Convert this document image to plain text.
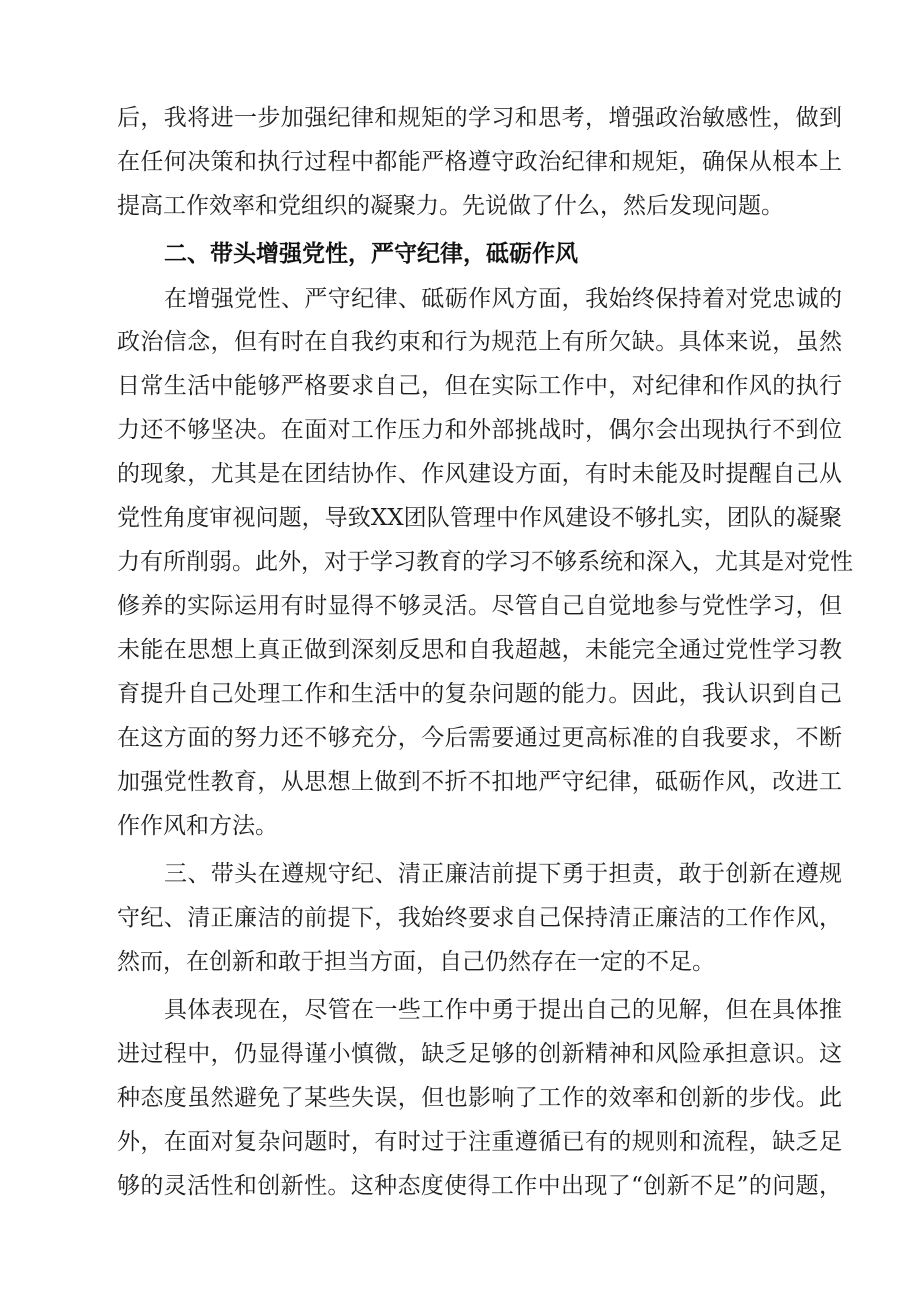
后，我将进一步加强纪律和规矩的学习和思考，增强政治敏感性，做到
在任何决策和执行过程中都能严格遵守政治纪律和规矩，确保从根本上
提高工作效率和党组织的凝聚力。先说做了什么，然后发现问题。
二、带头增强党性，严守纪律，砥砺作风
在增强党性、严守纪律、砥砺作风方面，我始终保持着对党忠诚的
政治信念，但有时在自我约束和行为规范上有所欠缺。具体来说，虽然
日常生活中能够严格要求自己，但在实际工作中，对纪律和作风的执行
力还不够坚决。在面对工作压力和外部挑战时，偶尔会出现执行不到位
的现象，尤其是在团结协作、作风建设方面，有时未能及时提醒自己从
党性角度审视问题，导致XX团队管理中作风建设不够扎实，团队的凝聚
力有所削弱。此外，对于学习教育的学习不够系统和深入，尤其是对党性
修养的实际运用有时显得不够灵活。尽管自己自觉地参与党性学习，但
未能在思想上真正做到深刻反思和自我超越，未能完全通过党性学习教
育提升自己处理工作和生活中的复杂问题的能力。因此，我认识到自己
在这方面的努力还不够充分，今后需要通过更高标准的自我要求，不断
加强党性教育，从思想上做到不折不扣地严守纪律，砥砺作风，改进工
作作风和方法。
三、带头在遵规守纪、清正廉洁前提下勇于担责，敢于创新在遵规
守纪、清正廉洁的前提下，我始终要求自己保持清正廉洁的工作作风，
然而，在创新和敢于担当方面，自己仍然存在一定的不足。
具体表现在，尽管在一些工作中勇于提出自己的见解，但在具体推
进过程中，仍显得谨小慎微，缺乏足够的创新精神和风险承担意识。这
种态度虽然避免了某些失误，但也影响了工作的效率和创新的步伐。此
外，在面对复杂问题时，有时过于注重遵循已有的规则和流程，缺乏足
够的灵活性和创新性。这种态度使得工作中出现了“创新不足”的问题，
